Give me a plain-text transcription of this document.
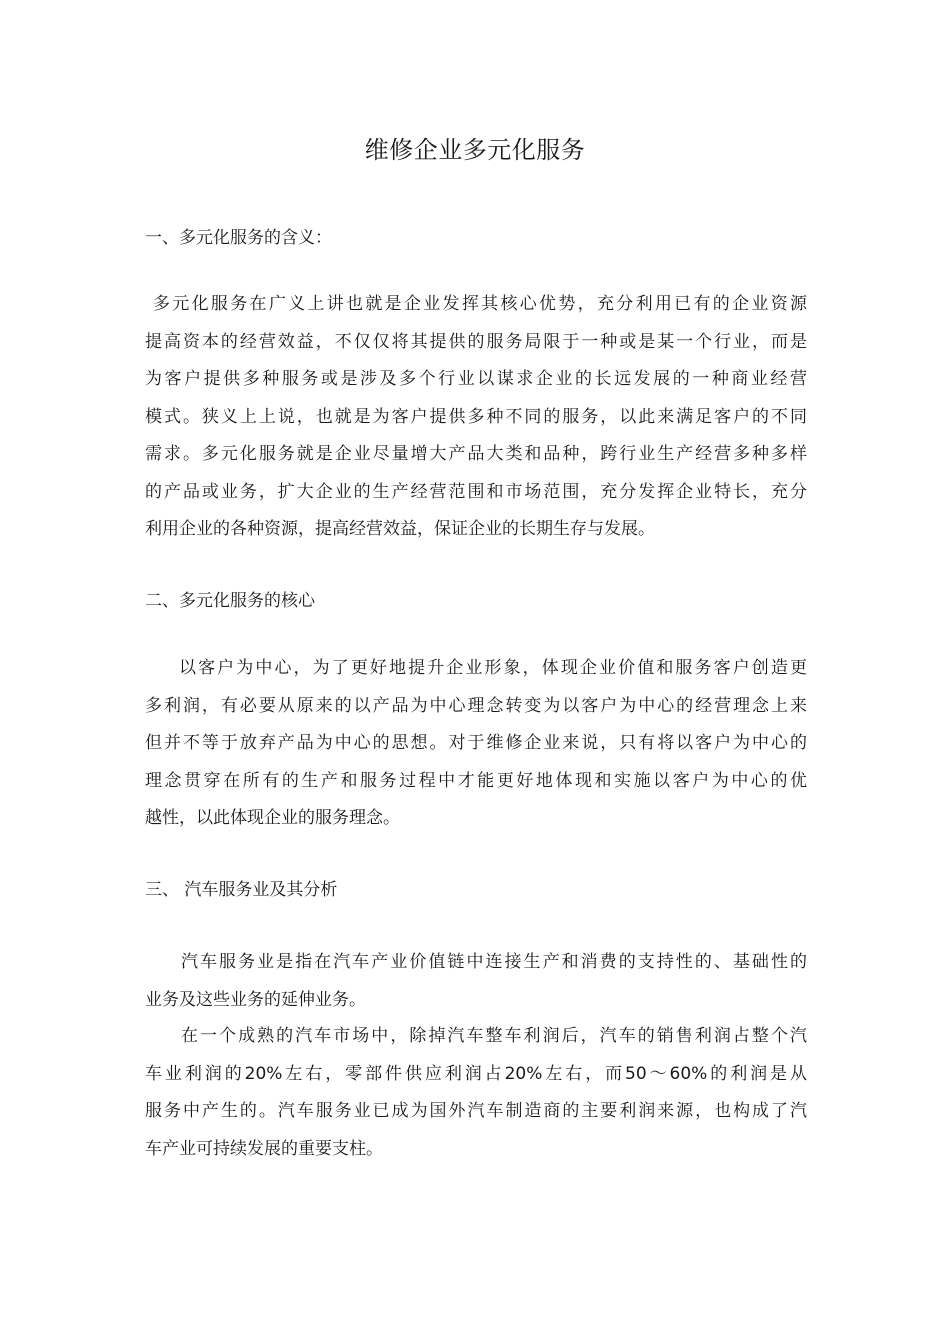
维修企业多元化服务
一、多元化服务的含义：
多元化服务在广义上讲也就是企业发挥其核心优势，充分利用已有的企业资源
提高资本的经营效益，不仅仅将其提供的服务局限于一种或是某一个行业，而是
为客户提供多种服务或是涉及多个行业以谋求企业的长远发展的一种商业经营
模式。狭义上上说，也就是为客户提供多种不同的服务，以此来满足客户的不同
需求。多元化服务就是企业尽量增大产品大类和品种，跨行业生产经营多种多样
的产品或业务，扩大企业的生产经营范围和市场范围，充分发挥企业特长，充分
利用企业的各种资源，提高经营效益，保证企业的长期生存与发展。
二、多元化服务的核心
以客户为中心，为了更好地提升企业形象，体现企业价值和服务客户创造更
多利润，有必要从原来的以产品为中心理念转变为以客户为中心的经营理念上来
但并不等于放弃产品为中心的思想。对于维修企业来说，只有将以客户为中心的
理念贯穿在所有的生产和服务过程中才能更好地体现和实施以客户为中心的优
越性，以此体现企业的服务理念。
三、 汽车服务业及其分析
汽车服务业是指在汽车产业价值链中连接生产和消费的支持性的、基础性的
业务及这些业务的延伸业务。
在一个成熟的汽车市场中，除掉汽车整车利润后，汽车的销售利润占整个汽
车业利润的20%左右，零部件供应利润占20%左右，而50～60%的利润是从
服务中产生的。汽车服务业已成为国外汽车制造商的主要利润来源，也构成了汽
车产业可持续发展的重要支柱。
